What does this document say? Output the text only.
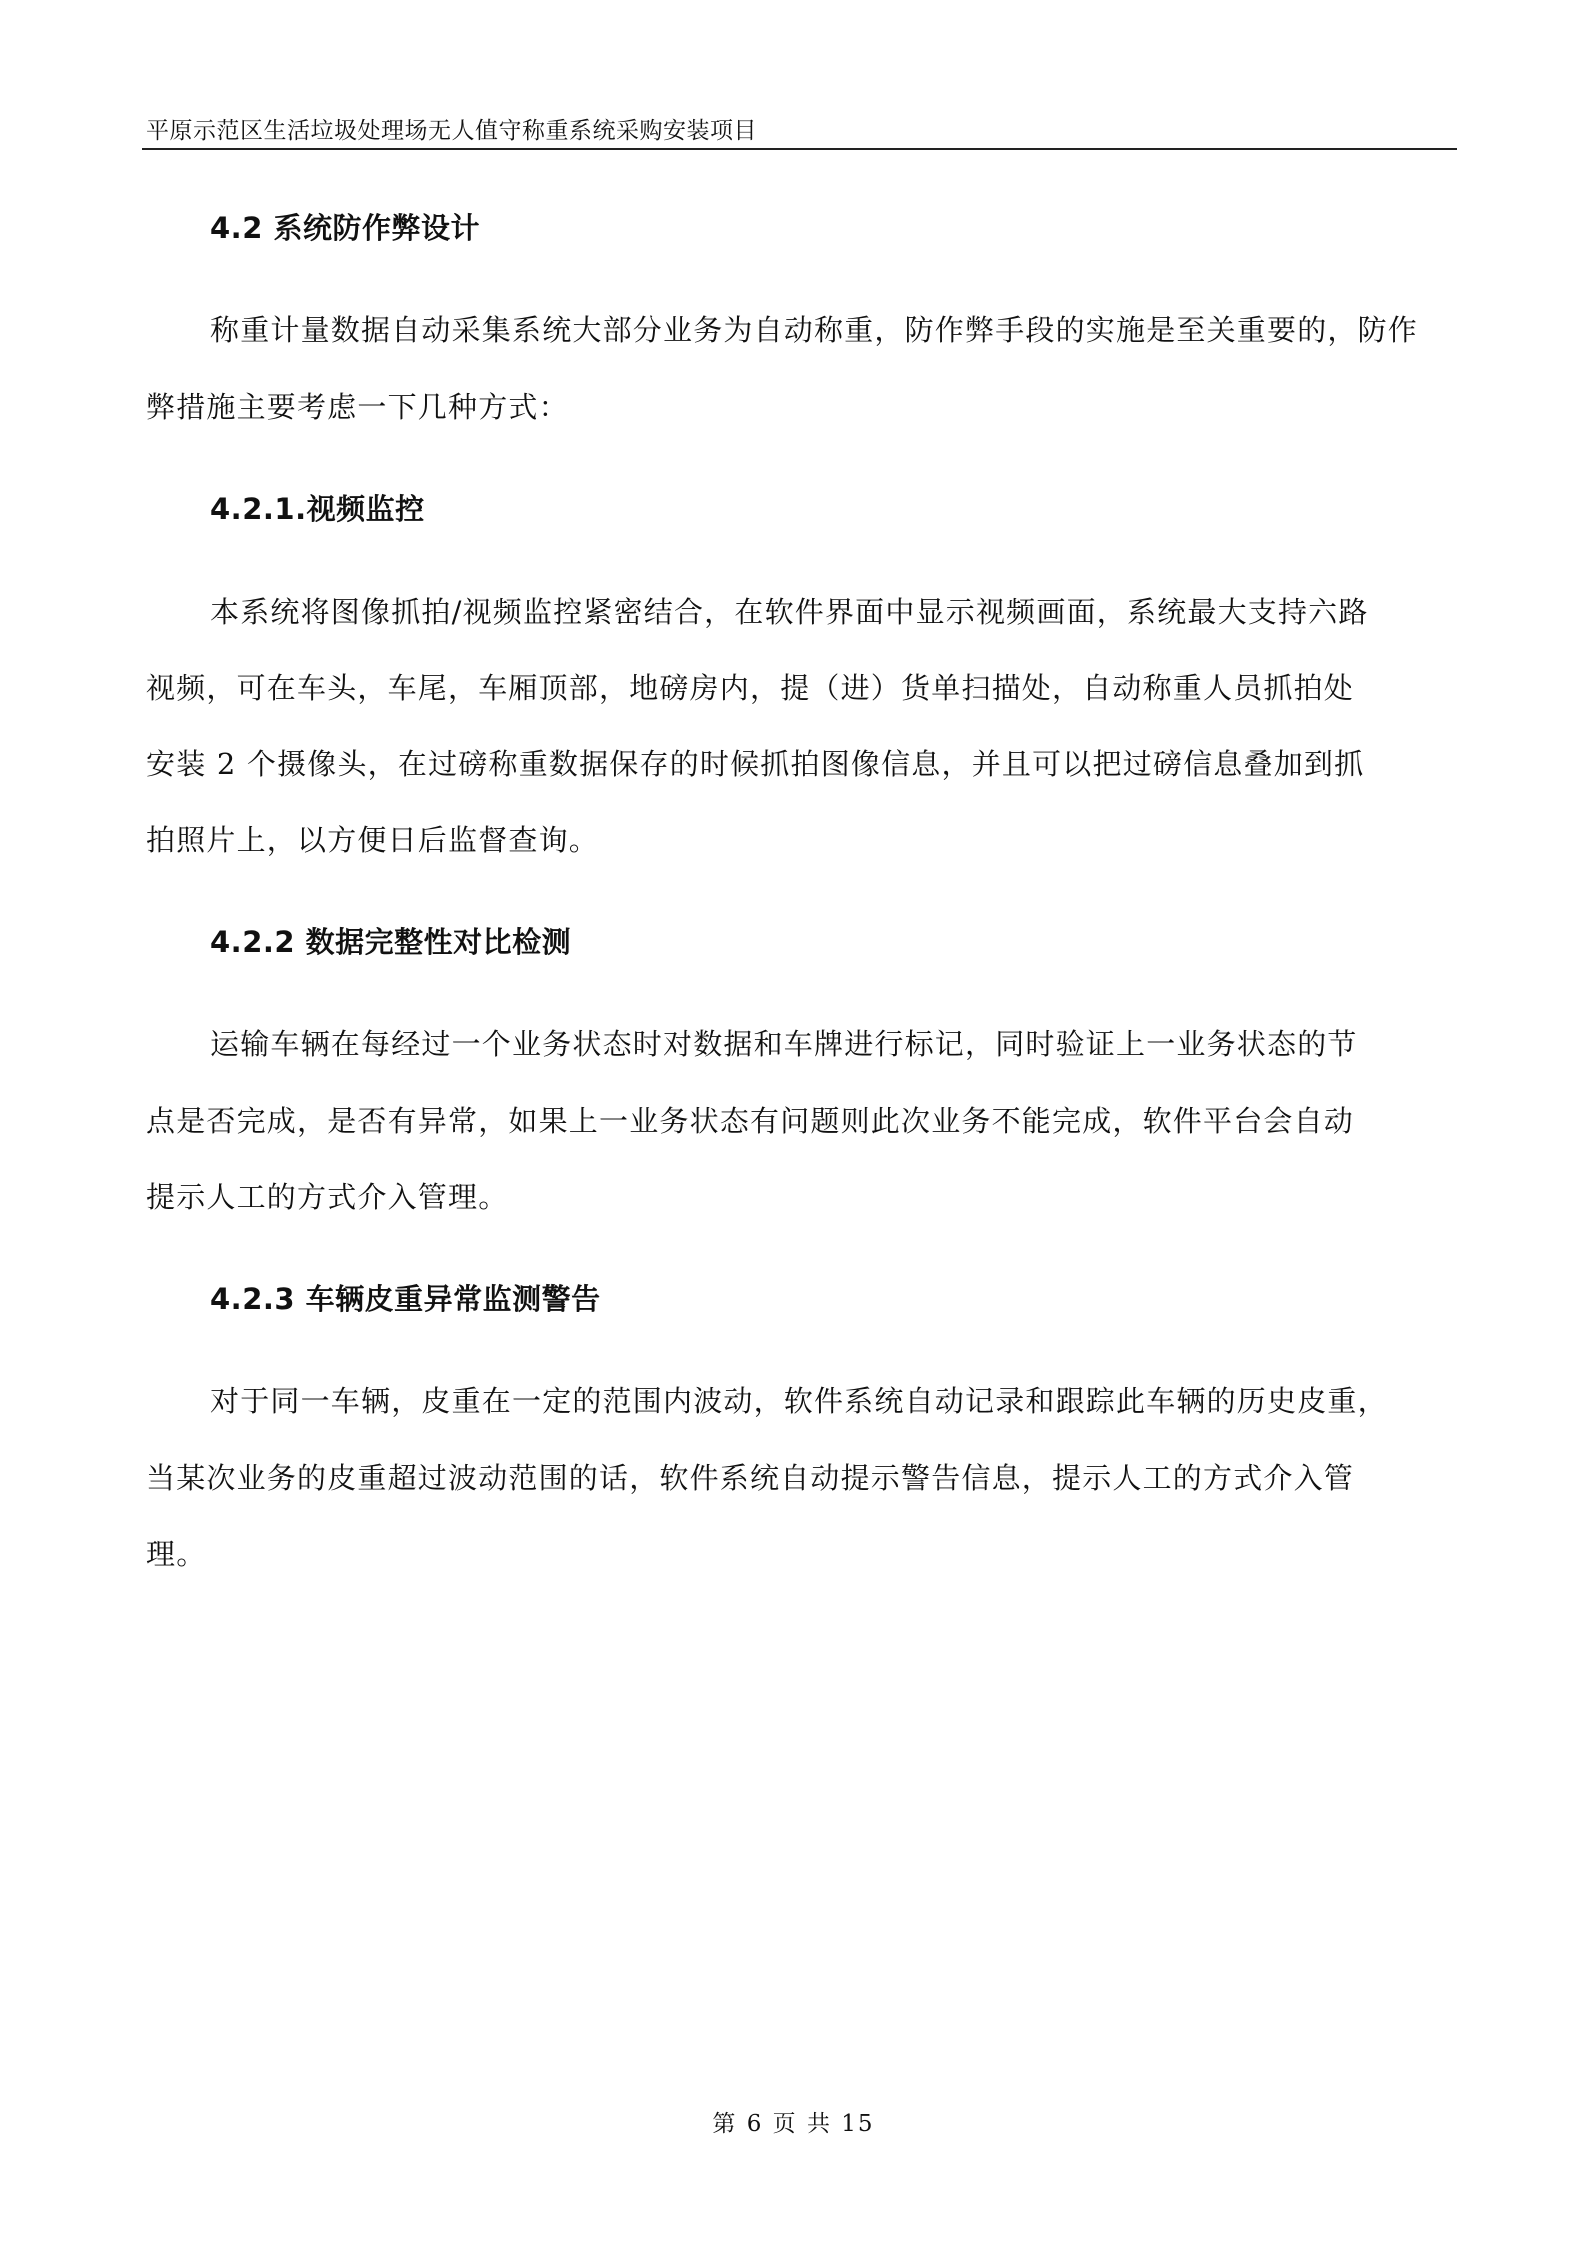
平原示范区生活垃圾处理场无人值守称重系统采购安装项目
4.2 系统防作弊设计
称重计量数据自动采集系统大部分业务为自动称重，防作弊手段的实施是至关重要的，防作
弊措施主要考虑一下几种方式：
4.2.1.视频监控
本系统将图像抓拍/视频监控紧密结合，在软件界面中显示视频画面，系统最大支持六路
视频，可在车头，车尾，车厢顶部，地磅房内，提（进）货单扫描处，自动称重人员抓拍处
安装 2 个摄像头，在过磅称重数据保存的时候抓拍图像信息，并且可以把过磅信息叠加到抓
拍照片上，以方便日后监督查询。
4.2.2 数据完整性对比检测
运输车辆在每经过一个业务状态时对数据和车牌进行标记，同时验证上一业务状态的节
点是否完成，是否有异常，如果上一业务状态有问题则此次业务不能完成，软件平台会自动
提示人工的方式介入管理。
4.2.3 车辆皮重异常监测警告
对于同一车辆，皮重在一定的范围内波动，软件系统自动记录和跟踪此车辆的历史皮重，
当某次业务的皮重超过波动范围的话，软件系统自动提示警告信息，提示人工的方式介入管
理。
第 6 页 共 15
